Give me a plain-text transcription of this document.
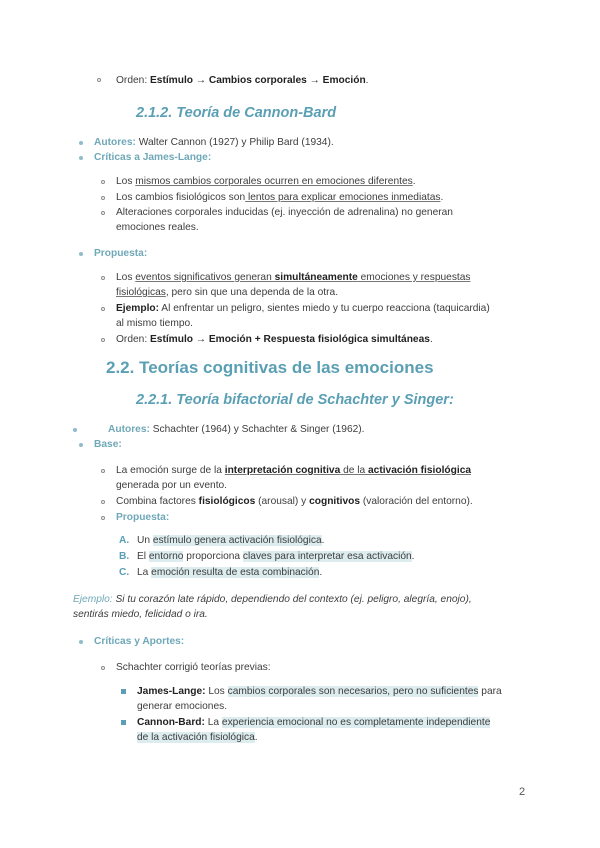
Orden: Estímulo → Cambios corporales → Emoción.
2.1.2. Teoría de Cannon-Bard
Autores: Walter Cannon (1927) y Philip Bard (1934).
Críticas a James-Lange:
Los mismos cambios corporales ocurren en emociones diferentes.
Los cambios fisiológicos son lentos para explicar emociones inmediatas.
Alteraciones corporales inducidas (ej. inyección de adrenalina) no generan
emociones reales.
Propuesta:
Los eventos significativos generan simultáneamente emociones y respuestas
fisiológicas, pero sin que una dependa de la otra.
Ejemplo: Al enfrentar un peligro, sientes miedo y tu cuerpo reacciona (taquicardia)
al mismo tiempo.
Orden: Estímulo → Emoción + Respuesta fisiológica simultáneas.
2.2. Teorías cognitivas de las emociones
2.2.1. Teoría bifactorial de Schachter y Singer:
Autores: Schachter (1964) y Schachter & Singer (1962).
Base:
La emoción surge de la interpretación cognitiva de la activación fisiológica
generada por un evento.
Combina factores fisiológicos (arousal) y cognitivos (valoración del entorno).
Propuesta:
A. Un estímulo genera activación fisiológica.
B. El entorno proporciona claves para interpretar esa activación.
C. La emoción resulta de esta combinación.
Ejemplo: Si tu corazón late rápido, dependiendo del contexto (ej. peligro, alegría, enojo),
sentirás miedo, felicidad o ira.
Críticas y Aportes:
Schachter corrigió teorías previas:
James-Lange: Los cambios corporales son necesarios, pero no suficientes para
generar emociones.
Cannon-Bard: La experiencia emocional no es completamente independiente
de la activación fisiológica.
2
